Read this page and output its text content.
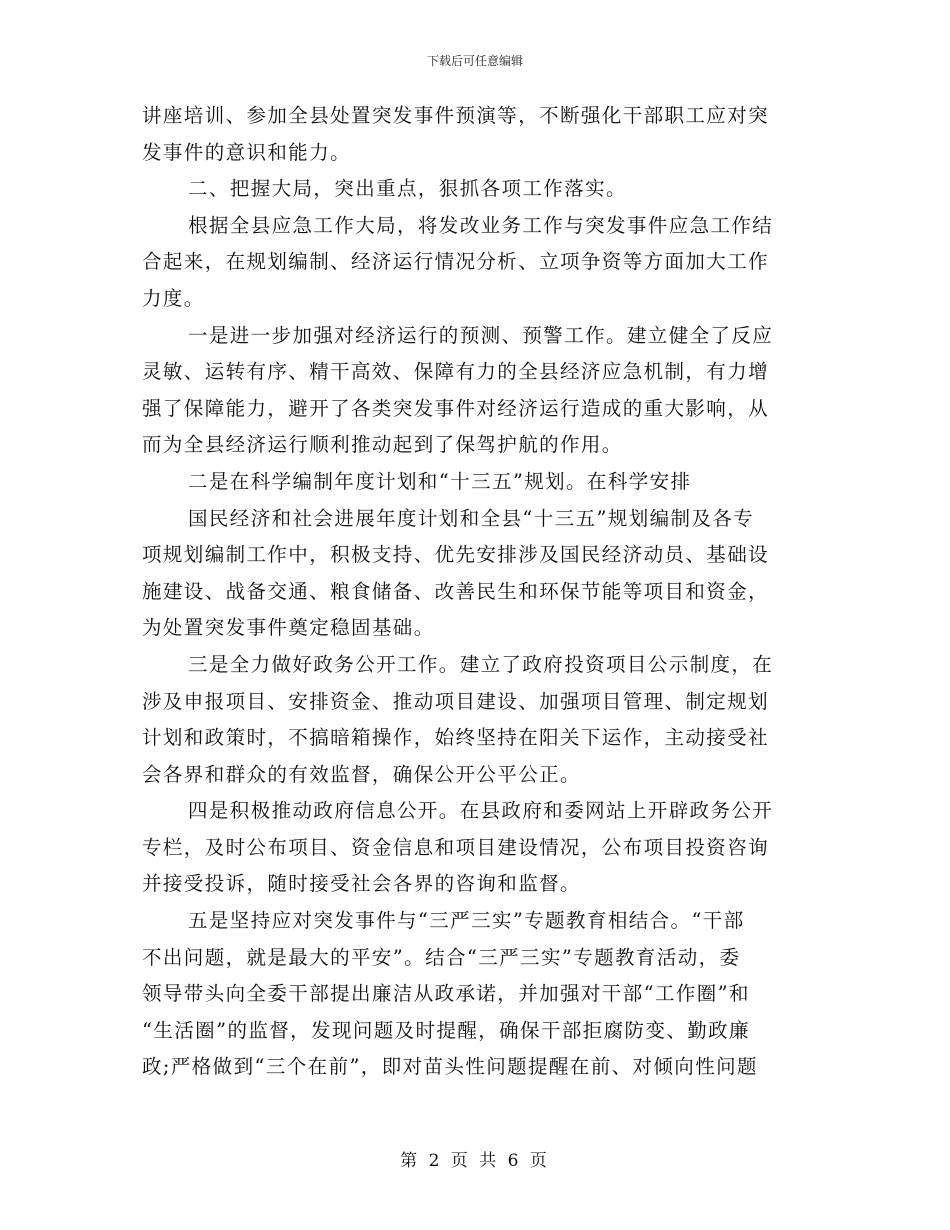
下载后可任意编辑

讲座培训、参加全县处置突发事件预演等，不断强化干部职工应对突

发事件的意识和能力。

二、把握大局，突出重点，狠抓各项工作落实。

根据全县应急工作大局，将发改业务工作与突发事件应急工作结

合起来，在规划编制、经济运行情况分析、立项争资等方面加大工作

力度。

一是进一步加强对经济运行的预测、预警工作。建立健全了反应

灵敏、运转有序、精干高效、保障有力的全县经济应急机制，有力增

强了保障能力，避开了各类突发事件对经济运行造成的重大影响，从

而为全县经济运行顺利推动起到了保驾护航的作用。

二是在科学编制年度计划和“十三五”规划。在科学安排

国民经济和社会进展年度计划和全县“十三五”规划编制及各专

项规划编制工作中，积极支持、优先安排涉及国民经济动员、基础设

施建设、战备交通、粮食储备、改善民生和环保节能等项目和资金，

为处置突发事件奠定稳固基础。

三是全力做好政务公开工作。建立了政府投资项目公示制度，在

涉及申报项目、安排资金、推动项目建设、加强项目管理、制定规划

计划和政策时，不搞暗箱操作，始终坚持在阳关下运作，主动接受社

会各界和群众的有效监督，确保公开公平公正。

四是积极推动政府信息公开。在县政府和委网站上开辟政务公开

专栏，及时公布项目、资金信息和项目建设情况，公布项目投资咨询

并接受投诉，随时接受社会各界的咨询和监督。

五是坚持应对突发事件与“三严三实”专题教育相结合。“干部

不出问题，就是最大的平安”。结合“三严三实”专题教育活动，委

领导带头向全委干部提出廉洁从政承诺，并加强对干部“工作圈”和

“生活圈”的监督，发现问题及时提醒，确保干部拒腐防变、勤政廉

政;严格做到“三个在前”，即对苗头性问题提醒在前、对倾向性问题

第 2 页 共 6 页
